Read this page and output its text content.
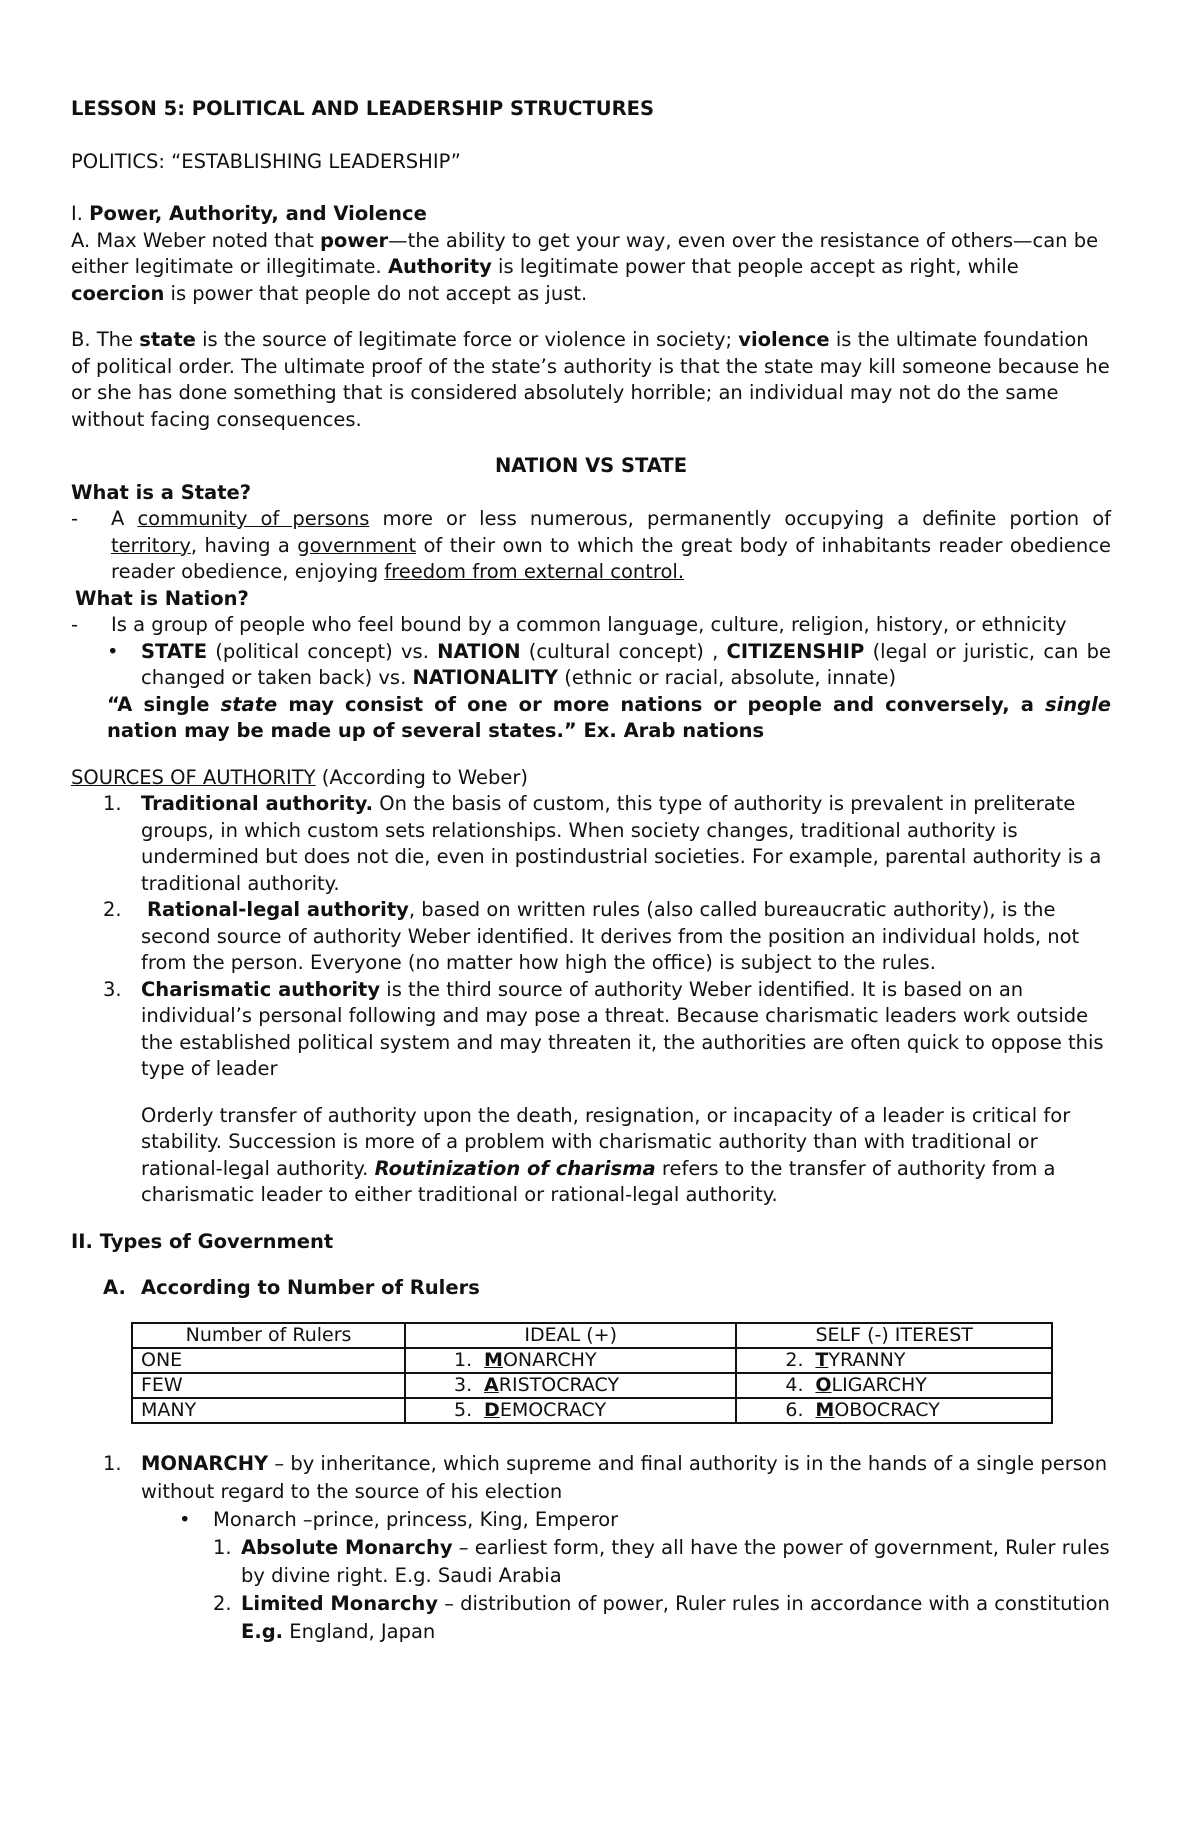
LESSON 5: POLITICAL AND LEADERSHIP STRUCTURES
POLITICS: “ESTABLISHING LEADERSHIP”
I. Power, Authority, and Violence

A. Max Weber noted that power—the ability to get your way, even over the resistance of others—can be either legitimate or illegitimate. Authority is legitimate power that people accept as right, while coercion is power that people do not accept as just.

B. The state is the source of legitimate force or violence in society; violence is the ultimate foundation of political order. The ultimate proof of the state’s authority is that the state may kill someone because he or she has done something that is considered absolutely horrible; an individual may not do the same without facing consequences.

NATION VS STATE
What is a State?
- A community of persons more or less numerous, permanently occupying a definite portion of territory, having a government of their own to which the great body of inhabitants reader obedience reader obedience, enjoying freedom from external control.
What is Nation?
- Is a group of people who feel bound by a common language, culture, religion, history, or ethnicity
• STATE (political concept) vs. NATION (cultural concept) , CITIZENSHIP (legal or juristic, can be changed or taken back) vs. NATIONALITY (ethnic or racial, absolute, innate)
“A single state may consist of one or more nations or people and conversely, a single nation may be made up of several states.” Ex. Arab nations
SOURCES OF AUTHORITY (According to Weber)
1. Traditional authority. On the basis of custom, this type of authority is prevalent in preliterate groups, in which custom sets relationships. When society changes, traditional authority is undermined but does not die, even in postindustrial societies. For example, parental authority is a traditional authority.
2. Rational-legal authority, based on written rules (also called bureaucratic authority), is the second source of authority Weber identified. It derives from the position an individual holds, not from the person. Everyone (no matter how high the office) is subject to the rules.
3. Charismatic authority is the third source of authority Weber identified. It is based on an individual’s personal following and may pose a threat. Because charismatic leaders work outside the established political system and may threaten it, the authorities are often quick to oppose this type of leader

Orderly transfer of authority upon the death, resignation, or incapacity of a leader is critical for stability. Succession is more of a problem with charismatic authority than with traditional or rational-legal authority. Routinization of charisma refers to the transfer of authority from a charismatic leader to either traditional or rational-legal authority.

II. Types of Government
A. According to Number of Rulers
Number of Rulers	IDEAL (+)	SELF (-) ITEREST
ONE	1. MONARCHY	2. TYRANNY
FEW	3. ARISTOCRACY	4. OLIGARCHY
MANY	5. DEMOCRACY	6. MOBOCRACY
1. MONARCHY – by inheritance, which supreme and final authority is in the hands of a single person without regard to the source of his election
• Monarch –prince, princess, King, Emperor
1. Absolute Monarchy – earliest form, they all have the power of government, Ruler rules by divine right. E.g. Saudi Arabia
2. Limited Monarchy – distribution of power, Ruler rules in accordance with a constitution
E.g. England, Japan
